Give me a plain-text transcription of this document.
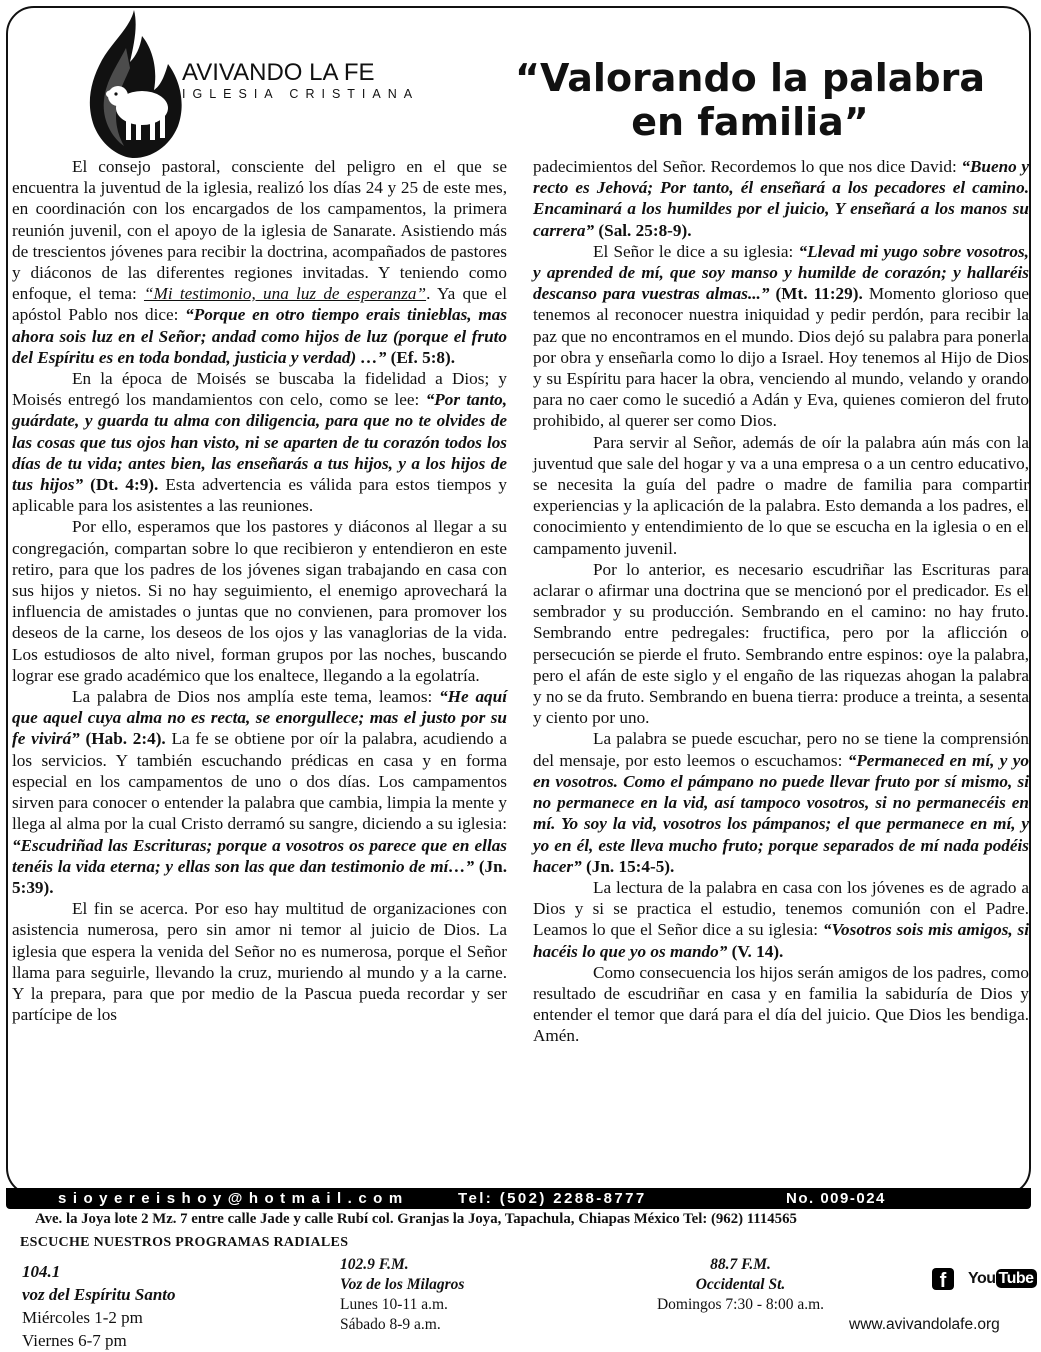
AVIVANDO LA FE
IGLESIA CRISTIANA	“Valorando la palabra
en familia”

El consejo pastoral, consciente del peligro en el que se encuentra la juventud de la iglesia, realizó los días 24 y 25 de este mes, en coordinación con los encargados de los campamentos, la primera reunión juvenil, con el apoyo de la iglesia de Sanarate. Asistiendo más de trescientos jóvenes para recibir la doctrina, acompañados de pastores y diáconos de las diferentes regiones invitadas. Y teniendo como enfoque, el tema: “Mi testimonio, una luz de esperanza”. Ya que el apóstol Pablo nos dice: “Porque en otro tiempo erais tinieblas, mas ahora sois luz en el Señor; andad como hijos de luz (porque el fruto del Espíritu es en toda bondad, justicia y verdad) …” (Ef. 5:8).

En la época de Moisés se buscaba la fidelidad a Dios; y Moisés entregó los mandamientos con celo, como se lee: “Por tanto, guárdate, y guarda tu alma con diligencia, para que no te olvides de las cosas que tus ojos han visto, ni se aparten de tu corazón todos los días de tu vida; antes bien, las enseñarás a tus hijos, y a los hijos de tus hijos” (Dt. 4:9). Esta advertencia es válida para estos tiempos y aplicable para los asistentes a las reuniones.

Por ello, esperamos que los pastores y diáconos al llegar a su congregación, compartan sobre lo que recibieron y entendieron en este retiro, para que los padres de los jóvenes sigan trabajando en casa con sus hijos y nietos. Si no hay seguimiento, el enemigo aprovechará la influencia de amistades o juntas que no convienen, para promover los deseos de la carne, los deseos de los ojos y las vanaglorias de la vida. Los estudiosos de alto nivel, forman grupos por las noches, buscando lograr ese grado académico que los enaltece, llegando a la egolatría.

La palabra de Dios nos amplía este tema, leamos: “He aquí que aquel cuya alma no es recta, se enorgullece; mas el justo por su fe vivirá” (Hab. 2:4). La fe se obtiene por oír la palabra, acudiendo a los servicios. Y también escuchando prédicas en casa y en forma especial en los campamentos de uno o dos días. Los campamentos sirven para conocer o entender la palabra que cambia, limpia la mente y llega al alma por la cual Cristo derramó su sangre, diciendo a su iglesia: “Escudriñad las Escrituras; porque a vosotros os parece que en ellas tenéis la vida eterna; y ellas son las que dan testimonio de mí…” (Jn. 5:39).

El fin se acerca. Por eso hay multitud de organizaciones con asistencia numerosa, pero sin amor ni temor al juicio de Dios. La iglesia que espera la venida del Señor no es numerosa, porque el Señor llama para seguirle, llevando la cruz, muriendo al mundo y a la carne. Y la prepara, para que por medio de la Pascua pueda recordar y ser partícipe de los

padecimientos del Señor. Recordemos lo que nos dice David: “Bueno y recto es Jehová; Por tanto, él enseñará a los pecadores el camino. Encaminará a los humildes por el juicio, Y enseñará a los manos su carrera” (Sal. 25:8-9).

El Señor le dice a su iglesia: “Llevad mi yugo sobre vosotros, y aprended de mí, que soy manso y humilde de corazón; y hallaréis descanso para vuestras almas...” (Mt. 11:29). Momento glorioso que tenemos al reconocer nuestra iniquidad y pedir perdón, para recibir la paz que no encontramos en el mundo. Dios dejó su palabra para ponerla por obra y enseñarla como lo dijo a Israel. Hoy tenemos al Hijo de Dios y su Espíritu para hacer la obra, venciendo al mundo, velando y orando para no caer como le sucedió a Adán y Eva, quienes comieron del fruto prohibido, al querer ser como Dios.

Para servir al Señor, además de oír la palabra aún más con la juventud que sale del hogar y va a una empresa o a un centro educativo, se necesita la guía del padre o madre de familia para compartir experiencias y la aplicación de la palabra. Esto demanda a los padres, el conocimiento y entendimiento de lo que se escucha en la iglesia o en el campamento juvenil.

Por lo anterior, es necesario escudriñar las Escrituras para aclarar o afirmar una doctrina que se mencionó por el predicador. Es el sembrador y su producción. Sembrando en el camino: no hay fruto. Sembrando entre pedregales: fructifica, pero por la aflicción o persecución se pierde el fruto. Sembrando entre espinos: oye la palabra, pero el afán de este siglo y el engaño de las riquezas ahogan la palabra y no se da fruto. Sembrando en buena tierra: produce a treinta, a sesenta y ciento por uno.

La palabra se puede escuchar, pero no se tiene la comprensión del mensaje, por esto leemos o escuchamos: “Permaneced en mí, y yo en vosotros. Como el pámpano no puede llevar fruto por sí mismo, si no permanece en la vid, así tampoco vosotros, si no permanecéis en mí. Yo soy la vid, vosotros los pámpanos; el que permanece en mí, y yo en él, este lleva mucho fruto; porque separados de mí nada podéis hacer” (Jn. 15:4-5).

La lectura de la palabra en casa con los jóvenes es de agrado a Dios y si se practica el estudio, tenemos comunión con el Padre. Leamos lo que el Señor dice a su iglesia: “Vosotros sois mis amigos, si hacéis lo que yo os mando” (V. 14).

Como consecuencia los hijos serán amigos de los padres, como resultado de escudriñar en casa y en familia la sabiduría de Dios y entender el temor que dará para el día del juicio. Que Dios les bendiga. Amén.

sioyereishoy@hotmail.com	Tel: (502) 2288-8777	No. 009-024
Ave. la Joya lote 2 Mz. 7 entre calle Jade y calle Rubí col. Granjas la Joya, Tapachula, Chiapas México Tel: (962) 1114565
ESCUCHE NUESTROS PROGRAMAS RADIALES
104.1
voz del Espíritu Santo
Miércoles 1-2 pm
Viernes 6-7 pm
102.9 F.M.
Voz de los Milagros
Lunes 10-11 a.m.
Sábado 8-9 a.m.
88.7 F.M.
Occidental St.
Domingos 7:30 - 8:00 a.m.
f You Tube
www.avivandolafe.org
